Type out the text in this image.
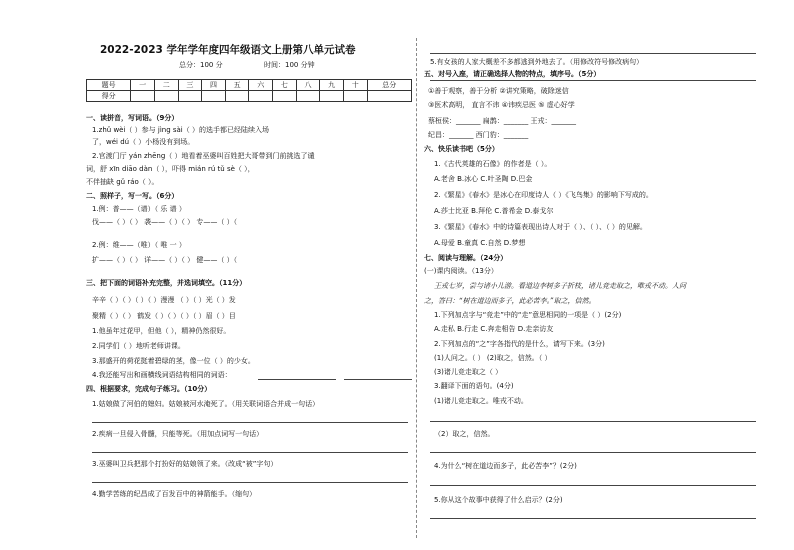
2022-2023 学年学年度四年级语文上册第八单元试卷
总分：100 分	时间：100 分钟
题号	一	二	三	四	五	六	七	八	九	十	总分
得分											
一、读拼音，写词语。（9分）
1.zhǔ wèi（ ）参与 jìng sài（ ）的选手都已经陆续入场
了，wéi dú（ ）小杨没有到场。
2.官渡门厅 yán zhēng（ ）地看着巫婆叫百姓把大哥带到门前挑选了谴
词，舒 xīn diāo dàn（ ），吓得 mián rú tǔ sè（ ），
不伴抽缺 gǔ ráo（ ）。
二、照样子，写一写。（6分）
1.例：普——（谱）（ 乐 谱 ）
伐——（ ）（ ） 袭——（ ）（ ） 专——（ ）（
2.例：维——（唯）（ 唯 一 ）
扩——（ ）（ ） 详——（ ）（ ） 健——（ ）（
三、把下面的词语补充完整，并选词填空。（11分）
辛辛（ ）（ ）（ ）（ ）漫漫 （ ）（ ）光（ ）发
聚精（ ）（ ） 鹤发（ ）（ ）（ ）（ ）眉（ ）目
1.他虽年过花甲，但他（ ），精神仍然很好。
2.同学们（ ）地听老师讲课。
3.那盛开的荷花挺着碧绿的茎，像一位（ ）的少女。
4.我还能写出和画横线词语结构相同的词语：
四、根据要求，完成句子练习。（10分）
1.姑娘做了河伯的媳妇。姑娘被河水淹死了。（用关联词语合并成一句话）
2.疾病一旦侵入骨髓，只能等死。（用加点词写一句话）
3.巫婆叫卫兵把那个打扮好的姑娘领了来。（改成“被”字句）
4.勤学苦练的纪昌成了百发百中的神箭能手。（缩句）
5.有女孩的人家大概差不多都逃到外地去了。（用修改符号修改病句）
五、对号入座，请正确选择人物的特点，填序号。（5分）
①善于观察，善于分析 ②讲究策略，破除迷信
③医术高明， 直言不讳 ④讳疾忌医 ⑤ 虚心好学
蔡桓侯：_______ 扁鹊：_______ 王戎：_______
纪昌：_______ 西门豹：_______
六、快乐读书吧（5分）
1.《古代英雄的石像》的作者是（ ）。
A.老舍 B.冰心 C.叶圣陶 D.巴金
2.《繁星》《春水》是冰心在印度诗人（ ）《飞鸟集》的影响下写成的。
A.莎士比亚 B.拜伦 C.普希金 D.泰戈尔
3.《繁星》《春水》中的诗篇表现出诗人对于（ ）、（ ）、（ ）的见解。
A.母爱 B.童真 C.自然 D.梦想
七、阅读与理解。（24分）
(一)课内阅读。（13分）
王戎七岁，尝与诸小儿游。看道边李树多子折枝，诸儿竞走取之，唯戎不动。人问
之，答曰：“树在道边而多子，此必苦李。”取之，信然。
1.下列加点字与“竞走”中的“走”意思相同的一项是（ ）(2分)
A.走私 B.行走 C.奔走相告 D.走亲访友
2.下列加点的“之”字各指代的是什么，请写下来。(3分)
(1)人问之。（ ） (2)取之，信然。（ ）
(3)诸儿竞走取之（ ）
3.翻译下面的语句。(4分)
(1)诸儿竞走取之。唯戎不动。
（2）取之，信然。
4.为什么“树在道边而多子，此必苦李”？(2分)
5.你从这个故事中获得了什么启示？(2分)
